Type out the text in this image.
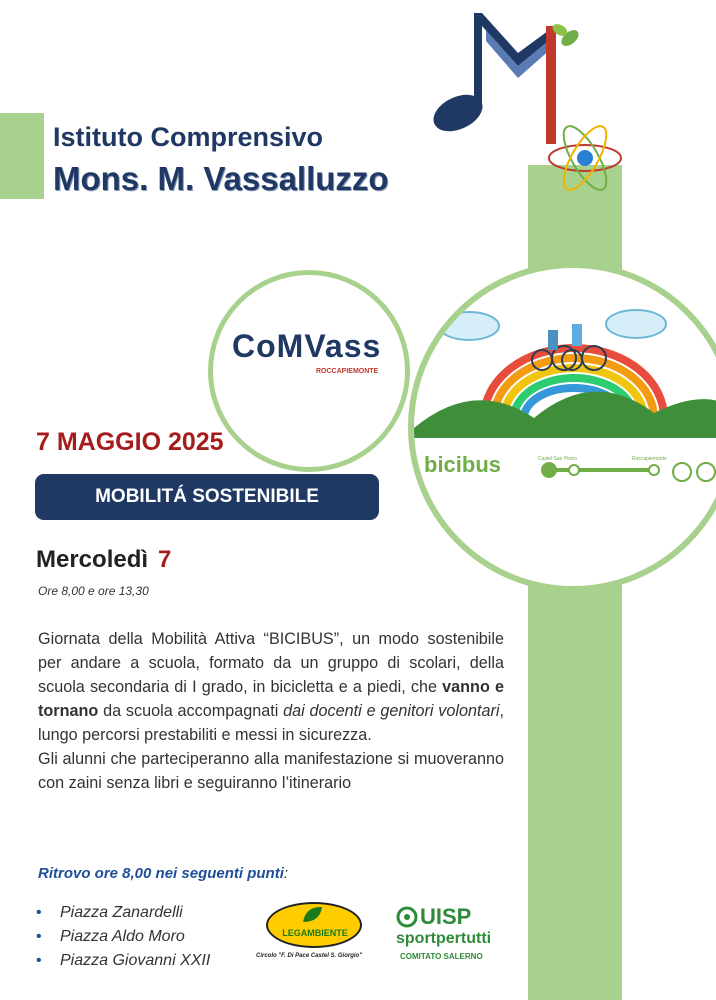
Istituto Comprensivo
Mons. M. Vassalluzzo
CoMVass
ROCCAPIEMONTE
bicibus	Castel San Pietro	Roccapiemonte
7 MAGGIO 2025
MOBILITÁ SOSTENIBILE
Mercoledì 7
Ore 8,00 e ore 13,30

Giornata della Mobilità Attiva “BICIBUS”, un modo sostenibile per andare a scuola, formato da un gruppo di scolari, della scuola secondaria di I grado, in bicicletta e a piedi, che vanno e tornano da scuola accompagnati dai docenti e genitori volontari, lungo percorsi prestabiliti e messi in sicurezza.

Gli alunni che parteciperanno alla manifestazione si muoveranno con zaini senza libri e seguiranno l’itinerario

Ritrovo ore 8,00 nei seguenti punti:
• Piazza Zanardelli
• Piazza Aldo Moro
• Piazza Giovanni XXII
LEGAMBIENTE
Circolo "F. Di Pace Castel S. Giorgio"
UISP
sportpertutti
COMITATO SALERNO
